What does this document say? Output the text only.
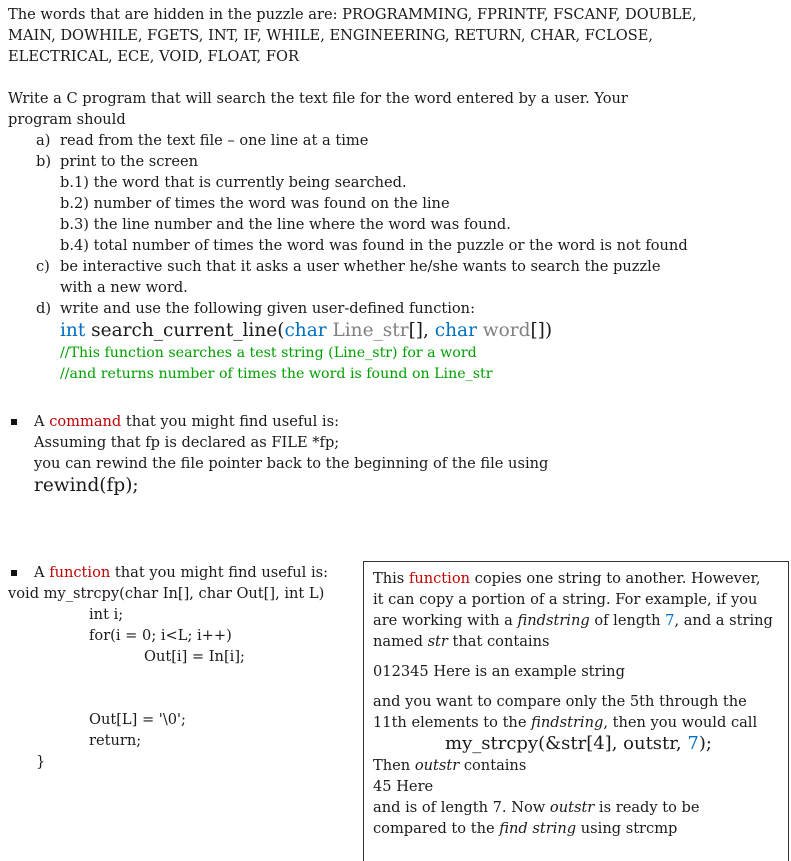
The words that are hidden in the puzzle are: PROGRAMMING, FPRINTF, FSCANF, DOUBLE,
MAIN, DOWHILE, FGETS, INT, IF, WHILE, ENGINEERING, RETURN, CHAR, FCLOSE,
ELECTRICAL, ECE, VOID, FLOAT, FOR
Write a C program that will search the text file for the word entered by a user. Your
program should
a) read from the text file – one line at a time
b) print to the screen
b.1) the word that is currently being searched.
b.2) number of times the word was found on the line
b.3) the line number and the line where the word was found.
b.4) total number of times the word was found in the puzzle or the word is not found
c) be interactive such that it asks a user whether he/she wants to search the puzzle
with a new word.
d) write and use the following given user-defined function:
int search_current_line(char Line_str[], char word[])
//This function searches a test string (Line_str) for a word
//and returns number of times the word is found on Line_str
A command that you might find useful is:
Assuming that fp is declared as FILE *fp;
you can rewind the file pointer back to the beginning of the file using
rewind(fp);
A function that you might find useful is:
void my_strcpy(char In[], char Out[], int L)
int i;
for(i = 0; i<L; i++)
Out[i] = In[i];
Out[L] = '\0';
return;
}
This function copies one string to another. However,
it can copy a portion of a string. For example, if you
are working with a findstring of length 7, and a string
named str that contains
012345 Here is an example string
and you want to compare only the 5th through the
11th elements to the findstring, then you would call
my_strcpy(&str[4], outstr, 7);
Then outstr contains
45 Here
and is of length 7. Now outstr is ready to be
compared to the find string using strcmp
